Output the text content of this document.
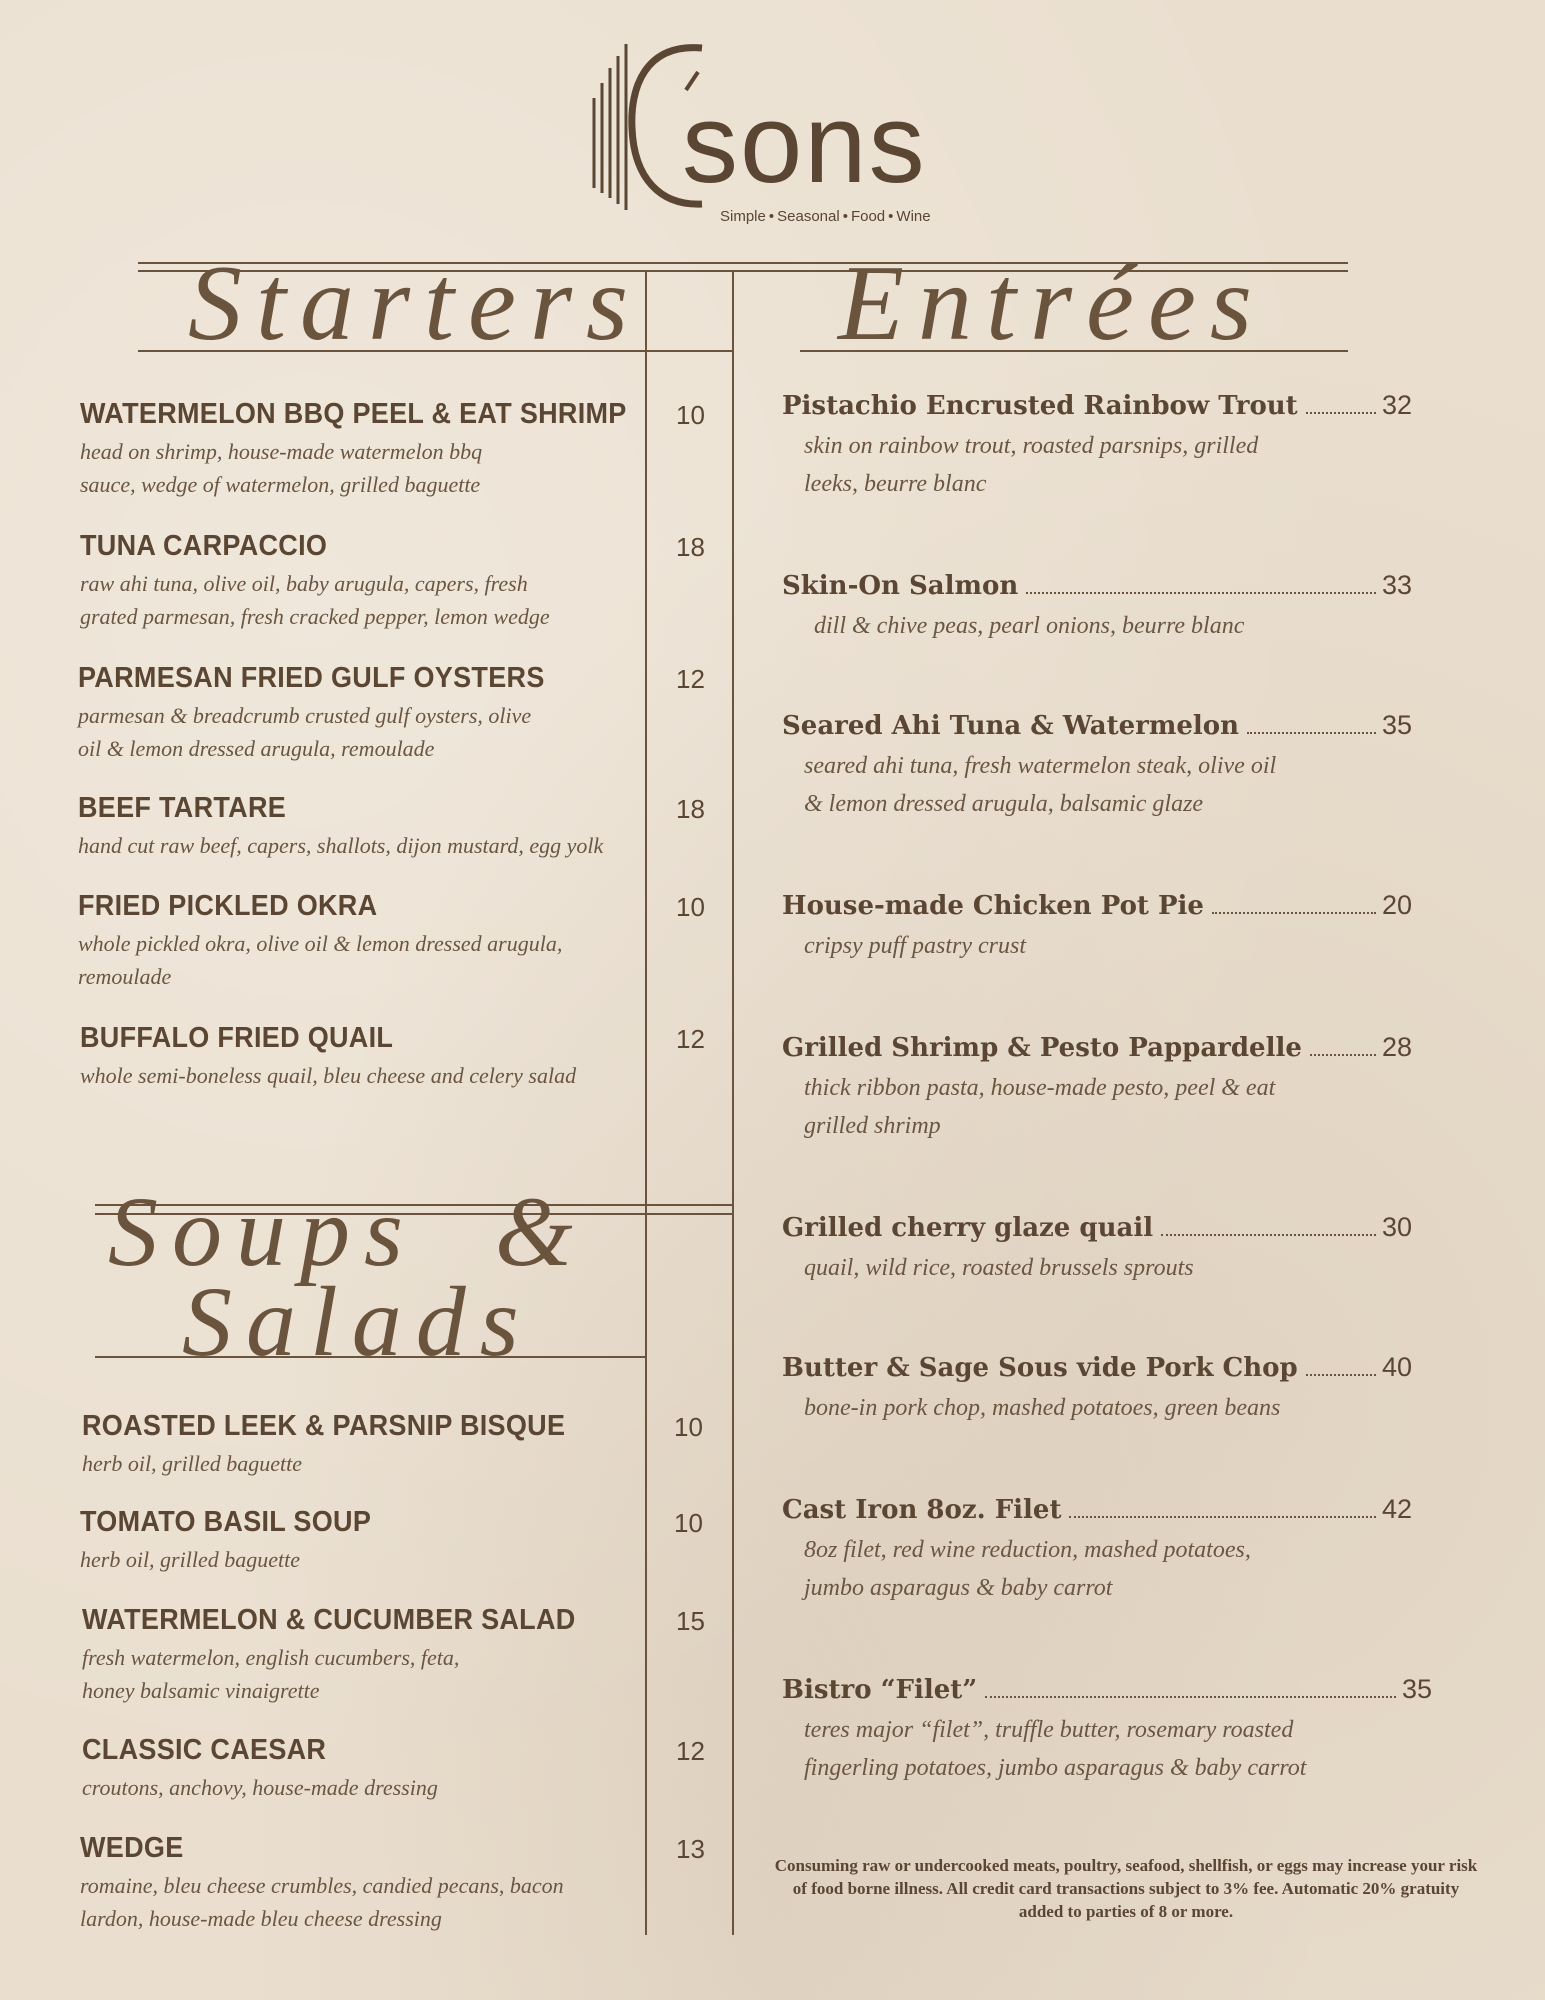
sons
Simple • Seasonal • Food • Wine
Starters Entrées
Soups  &
Salads
WATERMELON BBQ PEEL & EAT SHRIMP
head on shrimp, house-made watermelon bbq
sauce, wedge of watermelon, grilled baguette
10
TUNA CARPACCIO
raw ahi tuna, olive oil, baby arugula, capers, fresh
grated parmesan, fresh cracked pepper, lemon wedge
18
PARMESAN FRIED GULF OYSTERS
parmesan & breadcrumb crusted gulf oysters, olive
oil & lemon dressed arugula, remoulade
12
BEEF TARTARE
hand cut raw beef, capers, shallots, dijon mustard, egg yolk
18
FRIED PICKLED OKRA
whole pickled okra, olive oil & lemon dressed arugula,
remoulade
10
BUFFALO FRIED QUAIL
whole semi-boneless quail, bleu cheese and celery salad
12
ROASTED LEEK & PARSNIP BISQUE
herb oil, grilled baguette
10
TOMATO BASIL SOUP
herb oil, grilled baguette
10
WATERMELON & CUCUMBER SALAD
fresh watermelon, english cucumbers, feta,
honey balsamic vinaigrette
15
CLASSIC CAESAR
croutons, anchovy, house-made dressing
12
WEDGE
romaine, bleu cheese crumbles, candied pecans, bacon
lardon, house-made bleu cheese dressing
13
Pistachio Encrusted Rainbow Trout	32
skin on rainbow trout, roasted parsnips, grilled
leeks, beurre blanc
Skin-On Salmon	33
dill & chive peas, pearl onions, beurre blanc
Seared Ahi Tuna & Watermelon	35
seared ahi tuna, fresh watermelon steak, olive oil
& lemon dressed arugula, balsamic glaze
House-made Chicken Pot Pie	20
cripsy puff pastry crust
Grilled Shrimp & Pesto Pappardelle	28
thick ribbon pasta, house-made pesto, peel & eat
grilled shrimp
Grilled cherry glaze quail	30
quail, wild rice, roasted brussels sprouts
Butter & Sage Sous vide Pork Chop	40
bone-in pork chop, mashed potatoes, green beans
Cast Iron 8oz. Filet	42
8oz filet, red wine reduction, mashed potatoes,
jumbo asparagus & baby carrot
Bistro “Filet”	35
teres major “filet”, truffle butter, rosemary roasted
fingerling potatoes, jumbo asparagus & baby carrot
Consuming raw or undercooked meats, poultry, seafood, shellfish, or eggs may increase your risk of food borne illness. All credit card transactions subject to 3% fee. Automatic 20% gratuity added to parties of 8 or more.
